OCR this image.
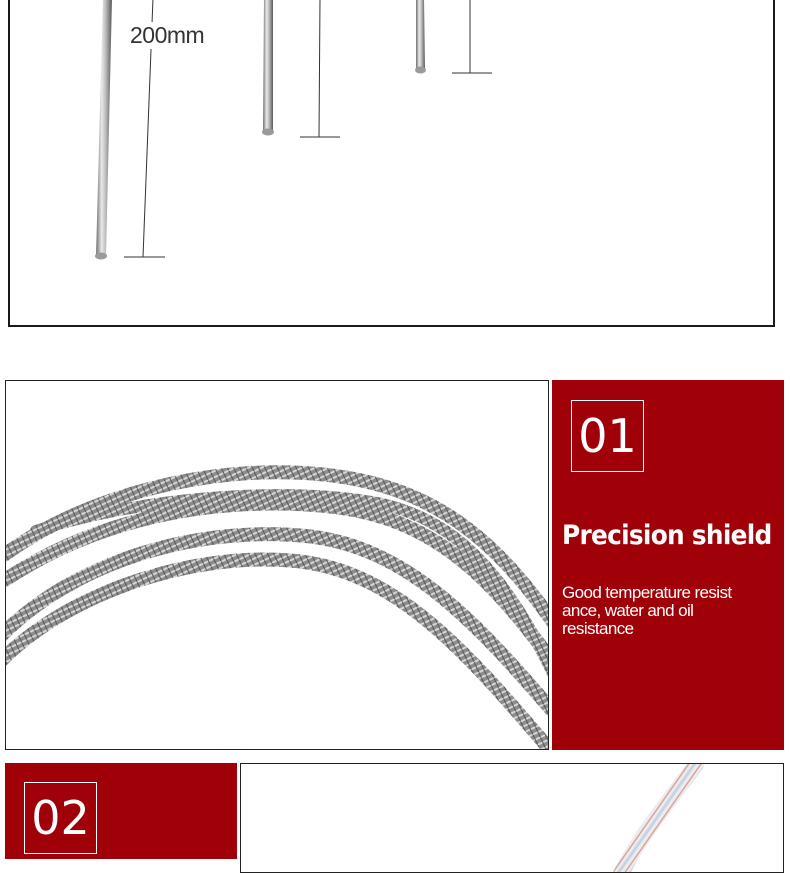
200mm
01
Precision shield
Good temperature resist ance, water and oil resistance
02
